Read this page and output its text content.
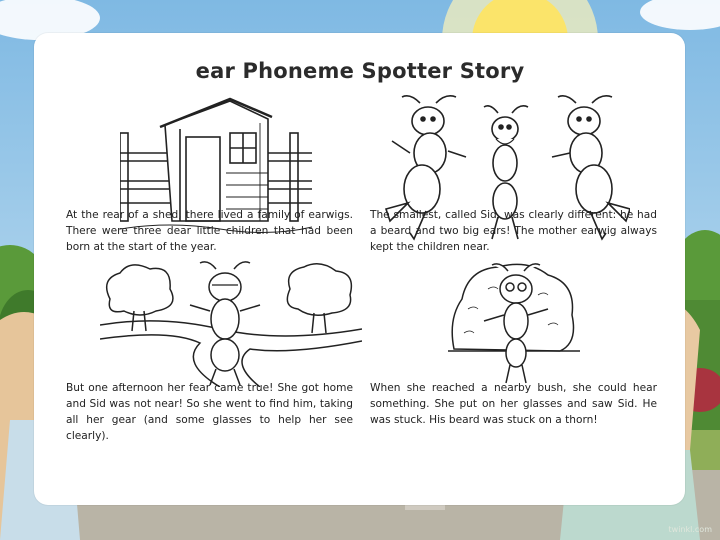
ear Phoneme Spotter Story
At the rear of a shed, there lived a family of earwigs. There were three dear little children that had been born at the start of the year.
The smallest, called Sid, was clearly different: he had a beard and two big ears! The mother earwig always kept the children near.
But one afternoon her fear came true! She got home and Sid was not near! So she went to find him, taking all her gear (and some glasses to help her see clearly).
When she reached a nearby bush, she could hear something. She put on her glasses and saw Sid. He was stuck. His beard was stuck on a thorn!
twinkl.com
